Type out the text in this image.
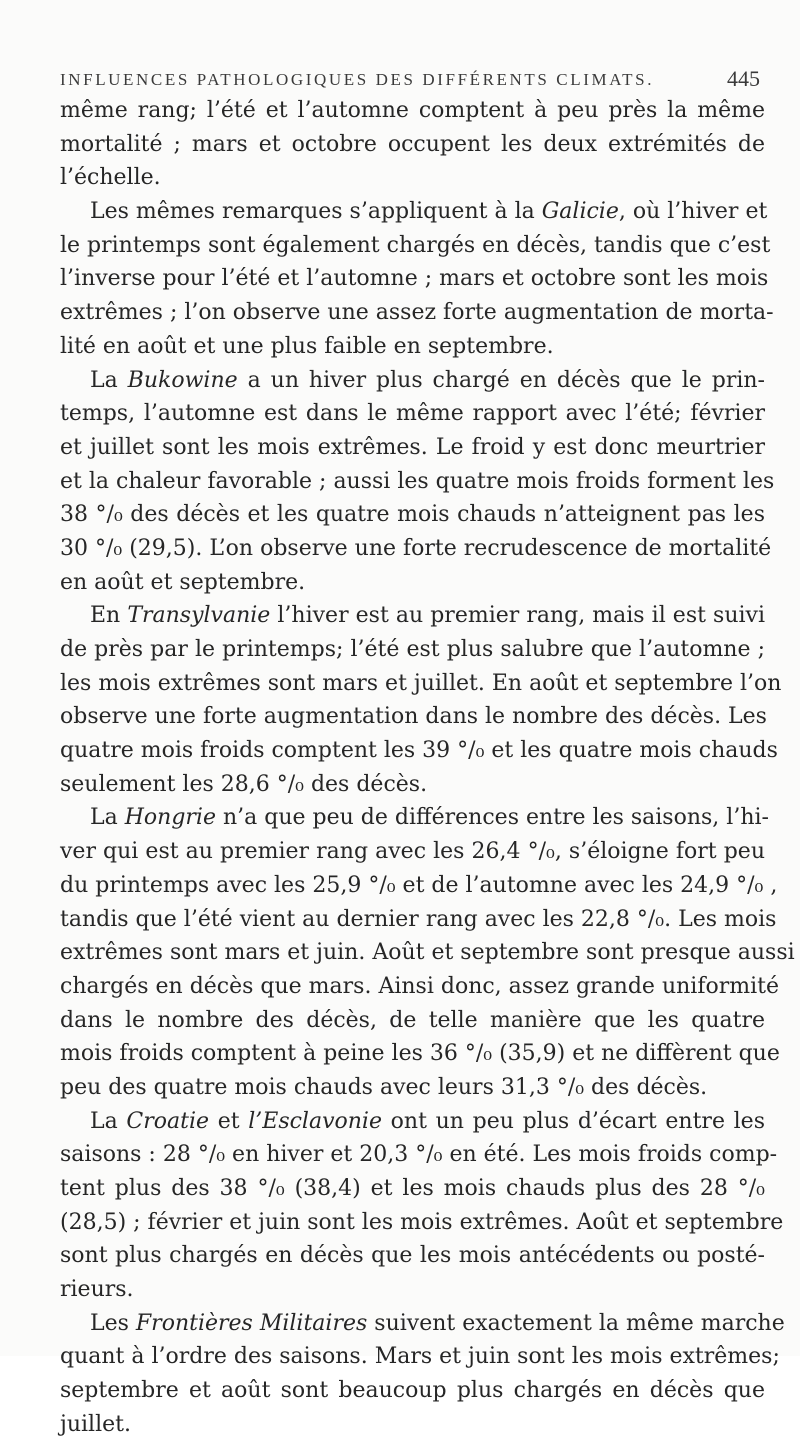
INFLUENCES PATHOLOGIQUES DES DIFFÉRENTS CLIMATS.	445
même rang; l’été et l’automne comptent à peu près la même
mortalité ; mars et octobre occupent les deux extrémités de
l’échelle.
Les mêmes remarques s’appliquent à la Galicie, où l’hiver et
le printemps sont également chargés en décès, tandis que c’est
l’inverse pour l’été et l’automne ; mars et octobre sont les mois
extrêmes ; l’on observe une assez forte augmentation de morta-
lité en août et une plus faible en septembre.
La Bukowine a un hiver plus chargé en décès que le prin-
temps, l’automne est dans le même rapport avec l’été; février
et juillet sont les mois extrêmes. Le froid y est donc meurtrier
et la chaleur favorable ; aussi les quatre mois froids forment les
38 °/₀ des décès et les quatre mois chauds n’atteignent pas les
30 °/₀ (29,5). L’on observe une forte recrudescence de mortalité
en août et septembre.
En Transylvanie l’hiver est au premier rang, mais il est suivi
de près par le printemps; l’été est plus salubre que l’automne ;
les mois extrêmes sont mars et juillet. En août et septembre l’on
observe une forte augmentation dans le nombre des décès. Les
quatre mois froids comptent les 39 °/₀ et les quatre mois chauds
seulement les 28,6 °/₀ des décès.
La Hongrie n’a que peu de différences entre les saisons, l’hi-
ver qui est au premier rang avec les 26,4 °/₀, s’éloigne fort peu
du printemps avec les 25,9 °/₀ et de l’automne avec les 24,9 °/₀ ,
tandis que l’été vient au dernier rang avec les 22,8 °/₀. Les mois
extrêmes sont mars et juin. Août et septembre sont presque aussi
chargés en décès que mars. Ainsi donc, assez grande uniformité
dans le nombre des décès, de telle manière que les quatre
mois froids comptent à peine les 36 °/₀ (35,9) et ne diffèrent que
peu des quatre mois chauds avec leurs 31,3 °/₀ des décès.
La Croatie et l’Esclavonie ont un peu plus d’écart entre les
saisons : 28 °/₀ en hiver et 20,3 °/₀ en été. Les mois froids comp-
tent plus des 38 °/₀ (38,4) et les mois chauds plus des 28 °/₀
(28,5) ; février et juin sont les mois extrêmes. Août et septembre
sont plus chargés en décès que les mois antécédents ou posté-
rieurs.
Les Frontières Militaires suivent exactement la même marche
quant à l’ordre des saisons. Mars et juin sont les mois extrêmes;
septembre et août sont beaucoup plus chargés en décès que
juillet.
